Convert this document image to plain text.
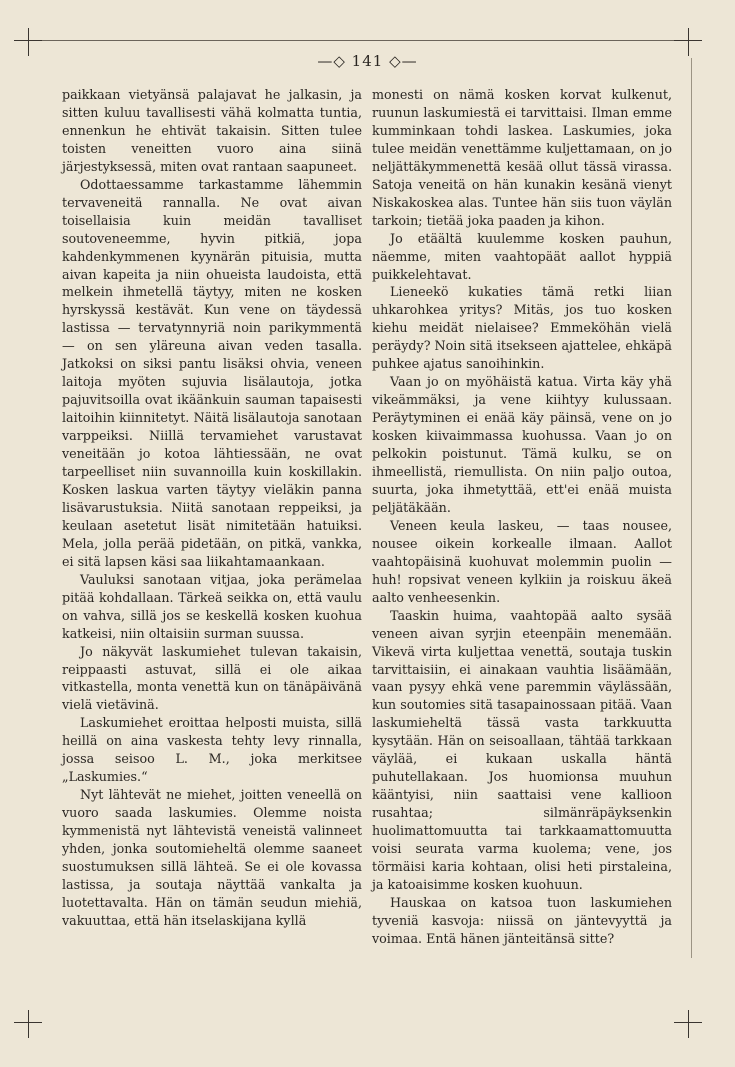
—◇ 141 ◇—

paikkaan vietyänsä palajavat he jalkasin, ja sitten kuluu tavallisesti vähä kolmatta tuntia, ennenkun he ehtivät takaisin. Sitten tulee toisten veneitten vuoro aina siinä järjestyksessä, miten ovat rantaan saapuneet.

Odottaessamme tarkastamme lähemmin tervaveneitä rannalla. Ne ovat aivan toisellaisia kuin meidän tavalliset soutoveneemme, hyvin pitkiä, jopa kahdenkymmenen kyynärän pituisia, mutta aivan kapeita ja niin ohueista laudoista, että melkein ihmetellä täytyy, miten ne kosken hyrskyssä kestävät. Kun vene on täydessä lastissa — tervatynnyriä noin parikymmentä — on sen yläreuna aivan veden tasalla. Jatkoksi on siksi pantu lisäksi ohvia, veneen laitoja myöten sujuvia lisälautoja, jotka pajuvitsoilla ovat ikäänkuin sauman tapaisesti laitoihin kiinnitetyt. Näitä lisälautoja sanotaan varppeiksi. Niillä tervamiehet varustavat veneitään jo kotoa lähtiessään, ne ovat tarpeelliset niin suvannoilla kuin koskillakin. Kosken laskua varten täytyy vieläkin panna lisävarustuksia. Niitä sanotaan reppeiksi, ja keulaan asetetut lisät nimitetään hatuiksi. Mela, jolla perää pidetään, on pitkä, vankka, ei sitä lapsen käsi saa liikahtamaankaan.

Vauluksi sanotaan vitjaa, joka perämelaa pitää kohdallaan. Tärkeä seikka on, että vaulu on vahva, sillä jos se keskellä kosken kuohua katkeisi, niin oltaisiin surman suussa.

Jo näkyvät laskumiehet tulevan takaisin, reippaasti astuvat, sillä ei ole aikaa vitkastella, monta venettä kun on tänäpäivänä vielä vietävinä.

Laskumiehet eroittaa helposti muista, sillä heillä on aina vaskesta tehty levy rinnalla, jossa seisoo L. M., joka merkitsee „Laskumies.“

Nyt lähtevät ne miehet, joitten veneellä on vuoro saada laskumies. Olemme noista kymmenistä nyt lähtevistä veneistä valinneet yhden, jonka soutomieheltä olemme saaneet suostumuksen sillä lähteä. Se ei ole kovassa lastissa, ja soutaja näyttää vankalta ja luotettavalta. Hän on tämän seudun miehiä, vakuuttaa, että hän itselaskijana kyllä

monesti on nämä kosken korvat kulkenut, ruunun laskumiestä ei tarvittaisi. Ilman emme kumminkaan tohdi laskea. Laskumies, joka tulee meidän venettämme kuljettamaan, on jo neljättäkymmenettä kesää ollut tässä virassa. Satoja veneitä on hän kunakin kesänä vienyt Niskakoskea alas. Tuntee hän siis tuon väylän tarkoin; tietää joka paaden ja kihon.

Jo etäältä kuulemme kosken pauhun, näemme, miten vaahtopäät aallot hyppiä puikkelehtavat.

Lieneekö kukaties tämä retki liian uhkarohkea yritys? Mitäs, jos tuo kosken kiehu meidät nielaisee? Emmeköhän vielä peräydy? Noin sitä itsekseen ajattelee, ehkäpä puhkee ajatus sanoihinkin.

Vaan jo on myöhäistä katua. Virta käy yhä vikeämmäksi, ja vene kiihtyy kulussaan. Peräytyminen ei enää käy päinsä, vene on jo kosken kiivaimmassa kuohussa. Vaan jo on pelkokin poistunut. Tämä kulku, se on ihmeellistä, riemullista. On niin paljo outoa, suurta, joka ihmetyttää, ett'ei enää muista peljätäkään.

Veneen keula laskeu, — taas nousee, nousee oikein korkealle ilmaan. Aallot vaahtopäisinä kuohuvat molemmin puolin — huh! ropsivat veneen kylkiin ja roiskuu äkeä aalto venheesenkin.

Taaskin huima, vaahtopää aalto sysää veneen aivan syrjin eteenpäin menemään. Vikevä virta kuljettaa venettä, soutaja tuskin tarvittaisiin, ei ainakaan vauhtia lisäämään, vaan pysyy ehkä vene paremmin väylässään, kun soutomies sitä tasapainossaan pitää. Vaan laskumieheltä tässä vasta tarkkuutta kysytään. Hän on seisoallaan, tähtää tarkkaan väylää, ei kukaan uskalla häntä puhutellakaan. Jos huomionsa muuhun kääntyisi, niin saattaisi vene kallioon rusahtaa; silmänräpäyksenkin huolimattomuutta tai tarkkaamattomuutta voisi seurata varma kuolema; vene, jos törmäisi karia kohtaan, olisi heti pirstaleina, ja katoaisimme kosken kuohuun.

Hauskaa on katsoa tuon laskumiehen tyveniä kasvoja: niissä on jäntevyyttä ja voimaa. Entä hänen jänteitänsä sitte?
